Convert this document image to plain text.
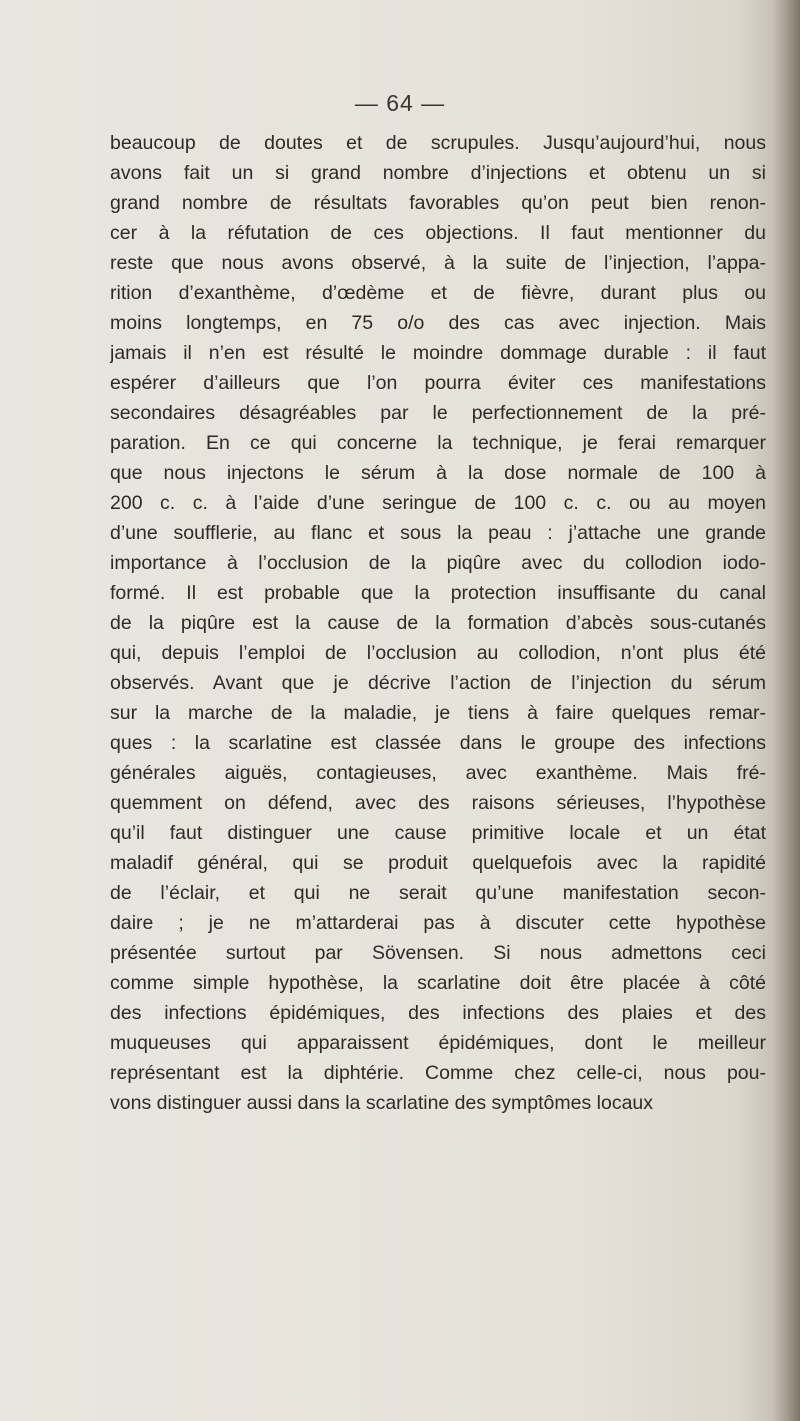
— 64 —
beaucoup de doutes et de scrupules. Jusqu’aujourd’hui, nous
avons fait un si grand nombre d’injections et obtenu un si
grand nombre de résultats favorables qu’on peut bien renon-
cer à la réfutation de ces objections. Il faut mentionner du
reste que nous avons observé, à la suite de l’injection, l’appa-
rition d’exanthème, d’œdème et de fièvre, durant plus ou
moins longtemps, en 75 o/o des cas avec injection. Mais
jamais il n’en est résulté le moindre dommage durable : il faut
espérer d’ailleurs que l’on pourra éviter ces manifestations
secondaires désagréables par le perfectionnement de la pré-
paration. En ce qui concerne la technique, je ferai remarquer
que nous injectons le sérum à la dose normale de 100 à
200 c. c. à l’aide d’une seringue de 100 c. c. ou au moyen
d’une soufflerie, au flanc et sous la peau : j’attache une grande
importance à l’occlusion de la piqûre avec du collodion iodo-
formé. Il est probable que la protection insuffisante du canal
de la piqûre est la cause de la formation d’abcès sous-cutanés
qui, depuis l’emploi de l’occlusion au collodion, n’ont plus été
observés. Avant que je décrive l’action de l’injection du sérum
sur la marche de la maladie, je tiens à faire quelques remar-
ques : la scarlatine est classée dans le groupe des infections
générales aiguës, contagieuses, avec exanthème. Mais fré-
quemment on défend, avec des raisons sérieuses, l’hypothèse
qu’il faut distinguer une cause primitive locale et un état
maladif général, qui se produit quelquefois avec la rapidité
de l’éclair, et qui ne serait qu’une manifestation secon-
daire ; je ne m’attarderai pas à discuter cette hypothèse
présentée surtout par Sövensen. Si nous admettons ceci
comme simple hypothèse, la scarlatine doit être placée à côté
des infections épidémiques, des infections des plaies et des
muqueuses qui apparaissent épidémiques, dont le meilleur
représentant est la diphtérie. Comme chez celle-ci, nous pou-
vons distinguer aussi dans la scarlatine des symptômes locaux
